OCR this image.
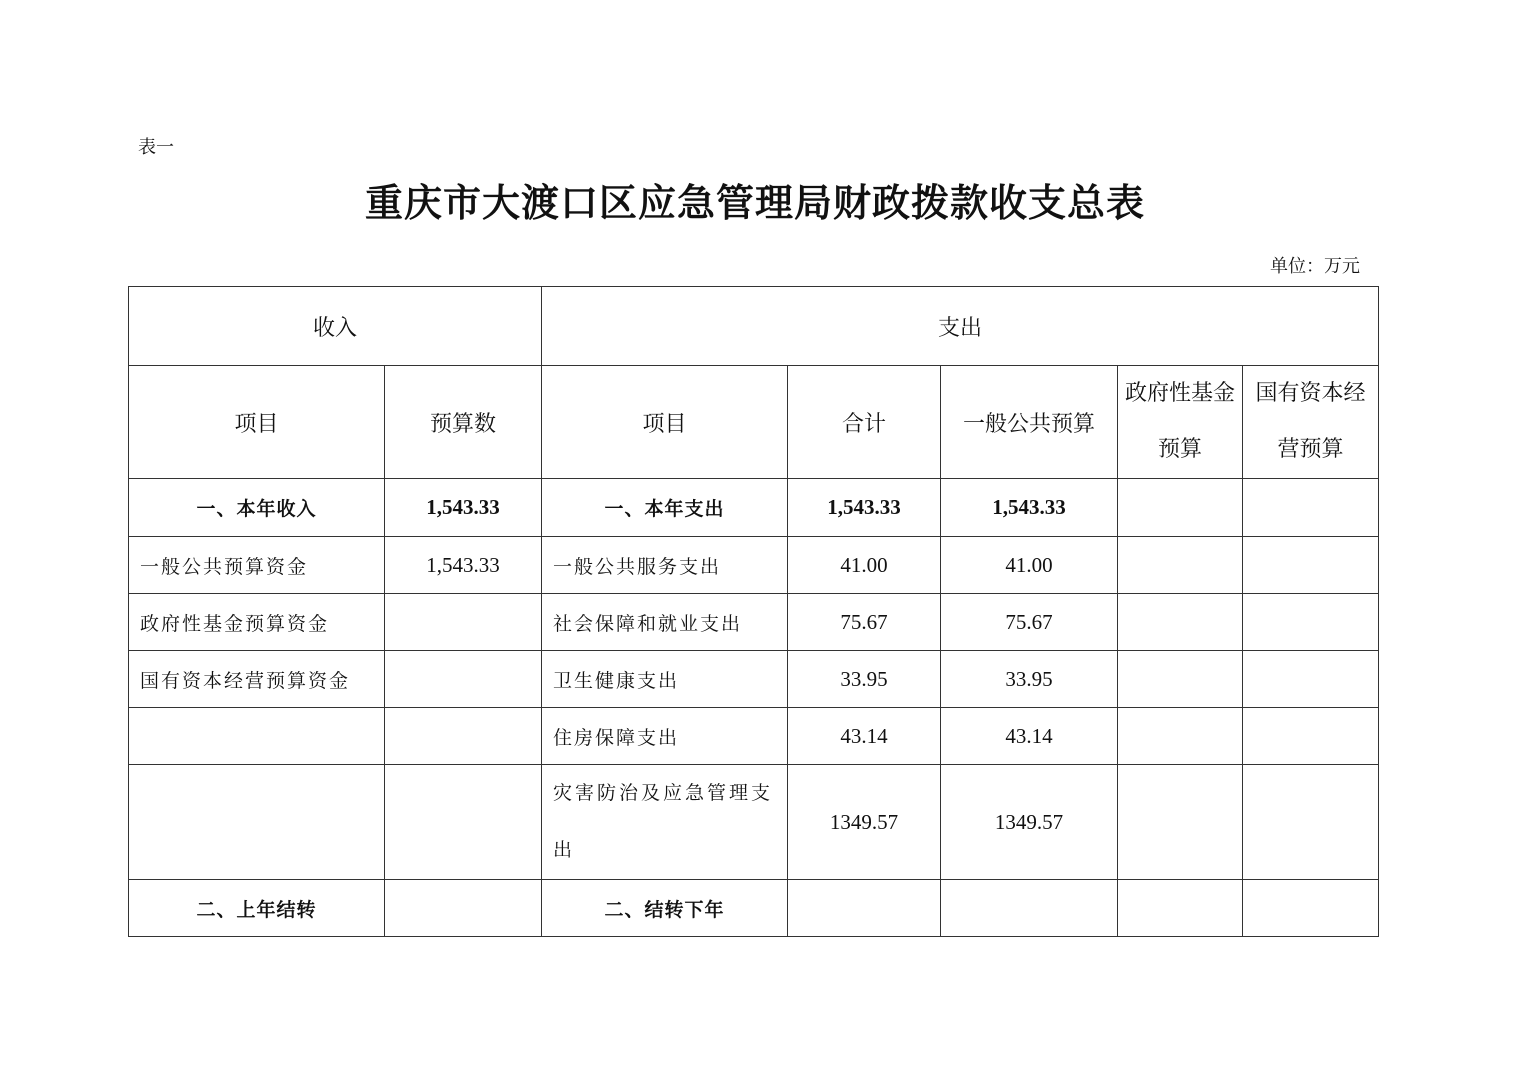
表一
重庆市大渡口区应急管理局财政拨款收支总表
单位：万元
收入		支出				
项目	预算数	项目	合计	一般公共预算	政府性基金预算	国有资本经营预算
一、本年收入	1,543.33	一、本年支出	1,543.33	1,543.33		
一般公共预算资金	1,543.33	一般公共服务支出	41.00	41.00		
政府性基金预算资金		社会保障和就业支出	75.67	75.67		
国有资本经营预算资金		卫生健康支出	33.95	33.95		
		住房保障支出	43.14	43.14		
		灾害防治及应急管理支出	1349.57	1349.57		
二、上年结转		二、结转下年				
